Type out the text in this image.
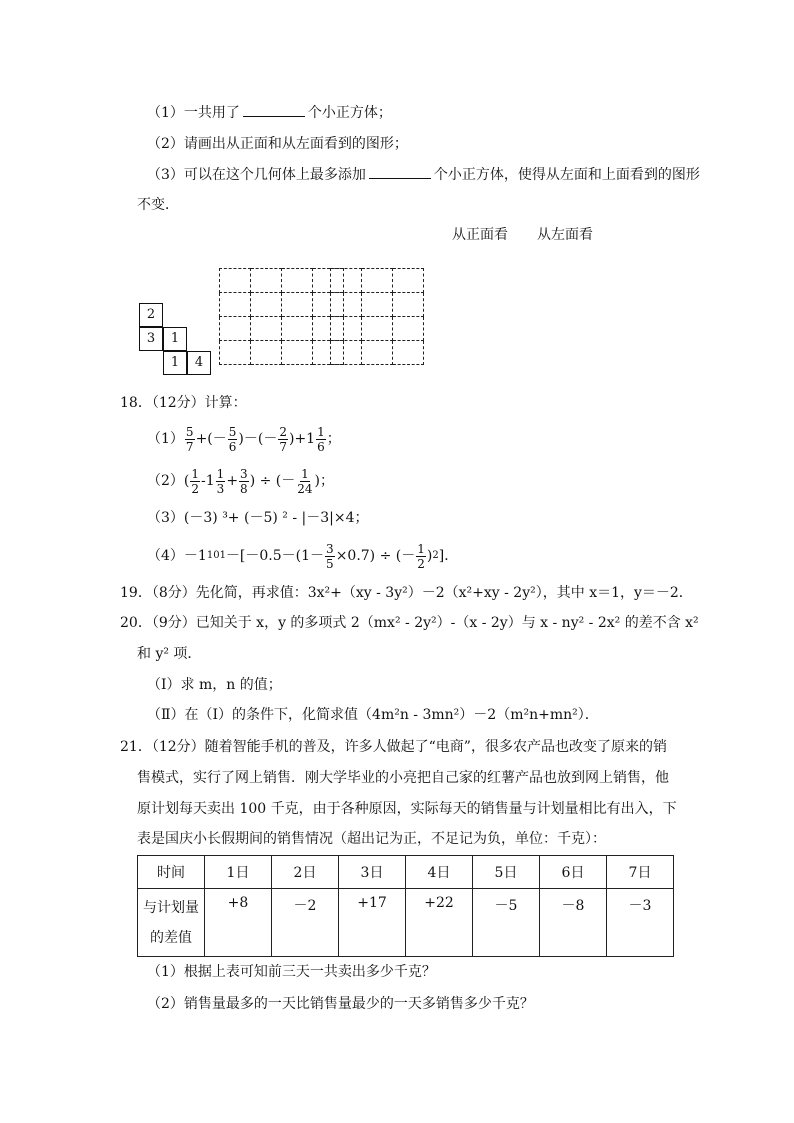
（1）一共用了	个小正方体；
（2）请画出从正面和从左面看到的图形；
（3）可以在这个几何体上最多添加	个小正方体，使得从左面和上面看到的图形
不变．
从正面看 从左面看
2
3	1
1	4

18．（12分）计算：
$(1) \frac{5}{7}$ +(－ $\frac{5}{6}$ )－(－ $\frac{2}{7} )+1 \frac{1}{6}$ ；
（2） ( $\frac{1}{2} -1 \frac{1}{3} + \frac{3}{8}$ ) ÷ (－ $\frac{1}{24}$ )；
（3）(－3) ³+ (－5) ² - |－3|×4；
（4） －1 $101 -[-0.5-(1- \frac{3}{5} \times 0.7)$ ÷ (－ $\frac{1}{2}$ ) 2 ]．
19．（8分）先化简，再求值：3x²+（xy - 3y²）－2（x²+xy - 2y²），其中 x＝1，y＝－2．
20．（9分）已知关于 x，y 的多项式 2（mx² - 2y²）-（x - 2y）与 x - ny² - 2x² 的差不含 x²
和 y² 项．
（Ⅰ）求 m，n 的值；
（Ⅱ）在（Ⅰ）的条件下，化简求值（4m²n - 3mn²）－2（m²n+mn²）．
21．（12分）随着智能手机的普及，许多人做起了“电商”，很多农产品也改变了原来的销
售模式，实行了网上销售．刚大学毕业的小亮把自己家的红薯产品也放到网上销售，他
原计划每天卖出 100 千克，由于各种原因，实际每天的销售量与计划量相比有出入，下
表是国庆小长假期间的销售情况（超出记为正，不足记为负，单位：千克）：
时间	1日	2日	3日	4日	5日	6日	7日

与计划量
的差值	+8	－2	+17	+22	－5	－8	－3
（1）根据上表可知前三天一共卖出多少千克？
（2）销售量最多的一天比销售量最少的一天多销售多少千克？
